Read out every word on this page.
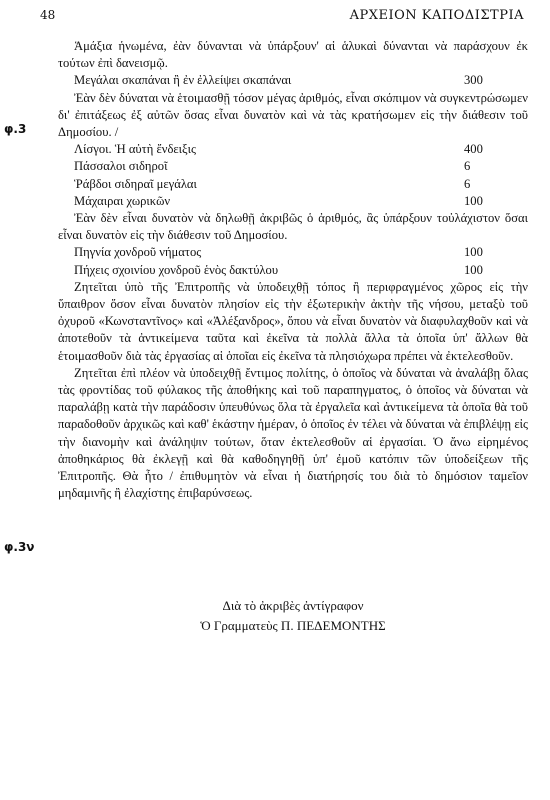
48	ΑΡΧΕΙΟΝ ΚΑΠΟΔΙΣΤΡΙΑ
φ.3
φ.3ν

Ἁμάξια ἡνωμένα, ἐὰν δύνανται νὰ ὑπάρξουν' αἱ ἁλυκαὶ δύνανται νὰ παράσχουν ἐκ τούτων ἐπὶ δανεισμῷ.

Μεγάλαι σκαπάναι ἢ ἐν ἐλλείψει σκαπάναι	300

Ἐὰν δὲν δύναται νὰ ἑτοιμασθῇ τόσον μέγας ἀριθμός, εἶναι σκόπιμον νὰ συγκεντρώσωμεν δι' ἐπιτάξεως ἐξ αὐτῶν ὅσας εἶναι δυνατὸν καὶ νὰ τὰς κρατήσωμεν εἰς τὴν διάθεσιν τοῦ Δημοσίου. /

Λίσγοι. Ἡ αὐτὴ ἔνδειξις	400
Πάσσαλοι σιδηροῖ	6
Ῥάβδοι σιδηραῖ μεγάλαι	6
Μάχαιραι χωρικῶν	100

Ἐὰν δὲν εἶναι δυνατὸν νὰ δηλωθῇ ἀκριβῶς ὁ ἀριθμός, ἂς ὑπάρξουν τοὐλάχιστον ὅσαι εἶναι δυνατὸν εἰς τὴν διάθεσιν τοῦ Δημοσίου.

Πηγνία χονδροῦ νήματος	100
Πήχεις σχοινίου χονδροῦ ἑνὸς δακτύλου	100

Ζητεῖται ὑπὸ τῆς Ἐπιτροπῆς νὰ ὑποδειχθῇ τόπος ἢ περιφραγμένος χῶρος εἰς τὴν ὕπαιθρον ὅσον εἶναι δυνατὸν πλησίον εἰς τὴν ἐξωτερικὴν ἀκτὴν τῆς νήσου, μεταξὺ τοῦ ὀχυροῦ «Κωνσταντῖνος» καὶ «Ἀλέξανδρος», ὅπου νὰ εἶναι δυνατὸν νὰ διαφυλαχθοῦν καὶ νὰ ἀποτεθοῦν τὰ ἀντικείμενα ταῦτα καὶ ἐκεῖνα τὰ πολλὰ ἄλλα τὰ ὁποῖα ὑπ' ἄλλων θὰ ἑτοιμασθοῦν διὰ τὰς ἐργασίας αἱ ὁποῖαι εἰς ἐκεῖνα τὰ πλησιόχωρα πρέπει νὰ ἐκτελεσθοῦν.

Ζητεῖται ἐπὶ πλέον νὰ ὑποδειχθῇ ἔντιμος πολίτης, ὁ ὁποῖος νὰ δύναται νὰ ἀναλάβῃ ὅλας τὰς φροντίδας τοῦ φύλακος τῆς ἀποθήκης καὶ τοῦ παραπηγματος, ὁ ὁποῖος νὰ δύναται νὰ παραλάβῃ κατὰ τὴν παράδοσιν ὑπευθύνως ὅλα τὰ ἐργαλεῖα καὶ ἀντικείμενα τὰ ὁποῖα θὰ τοῦ παραδοθοῦν ἀρχικῶς καὶ καθ' ἑκάστην ἡμέραν, ὁ ὁποῖος ἐν τέλει νὰ δύναται νὰ ἐπιβλέψῃ εἰς τὴν διανομὴν καὶ ἀνάληψιν τούτων, ὅταν ἐκτελεσθοῦν αἱ ἐργασίαι. Ὁ ἄνω εἰρημένος ἀποθηκάριος θὰ ἐκλεγῇ καὶ θὰ καθοδηγηθῇ ὑπ' ἐμοῦ κατόπιν τῶν ὑποδείξεων τῆς Ἐπιτροπῆς. Θὰ ἦτο / ἐπιθυμητὸν νὰ εἶναι ἡ διατήρησίς του διὰ τὸ δημόσιον ταμεῖον μηδαμινῆς ἢ ἐλαχίστης ἐπιβαρύνσεως.

Διὰ τὸ ἀκριβὲς ἀντίγραφον
Ὁ Γραμματεὺς Π. ΠΕΔΕΜΟΝΤΗΣ
